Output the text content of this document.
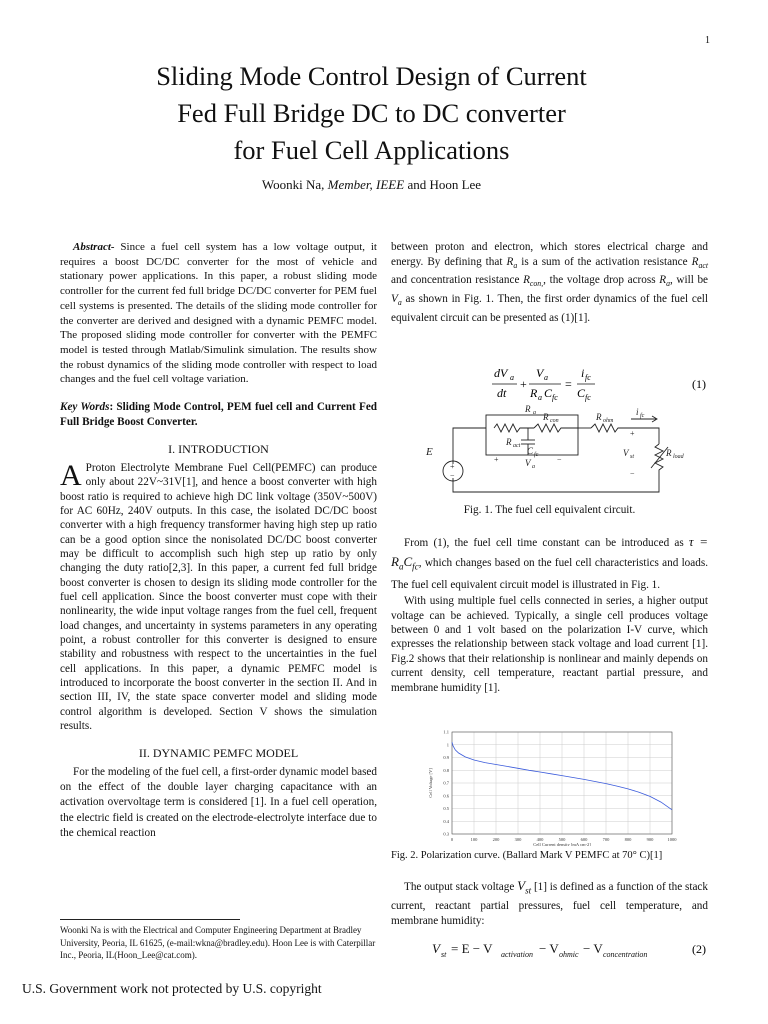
1
Sliding Mode Control Design of Current
Fed Full Bridge DC to DC converter
for Fuel Cell Applications
Woonki Na, Member, IEEE and Hoon Lee

Abstract- Since a fuel cell system has a low voltage output, it requires a boost DC/DC converter for the most of vehicle and stationary power applications. In this paper, a robust sliding mode controller for the current fed full bridge DC/DC converter for PEM fuel cell systems is presented. The details of the sliding mode controller for the converter are derived and designed with a dynamic PEMFC model. The proposed sliding mode controller for converter with the PEMFC model is tested through Matlab/Simulink simulation. The results show the robust dynamics of the sliding mode controller with respect to load changes and the fuel cell voltage variation.

Key Words: Sliding Mode Control, PEM fuel cell and Current Fed Full Bridge Boost Converter.

I. INTRODUCTION

A Proton Electrolyte Membrane Fuel Cell(PEMFC) can produce only about 22V~31V[1], and hence a boost converter with high boost ratio is required to achieve high DC link voltage (350V~500V) for AC 60Hz, 240V outputs. In this case, the isolated DC/DC boost converter with a high frequency transformer having high step up ratio can be a good option since the nonisolated DC/DC boost converter may be difficult to accomplish such high step up ratio by only changing the duty ratio[2,3]. In this paper, a current fed full bridge boost converter is chosen to design its sliding mode controller for the fuel cell application. Since the boost converter must cope with their nonlinearity, the wide input voltage ranges from the fuel cell, frequent load changes, and uncertainty in systems parameters in any operating point, a robust controller for this converter is designed to ensure stability and robustness with respect to the uncertainties in the fuel cell applications. In this paper, a dynamic PEMFC model is introduced to incorporate the boost converter in the section II. And in section III, IV, the state space converter model and sliding mode control algorithm is developed. Section V shows the simulation results.

II. DYNAMIC PEMFC MODEL

For the modeling of the fuel cell, a first-order dynamic model based on the effect of the double layer charging capacitance with an activation overvoltage term is considered [1]. In a fuel cell operation, the electric field is created on the electrode-electrolyte interface due to the chemical reaction

Woonki Na is with the Electrical and Computer Engineering Department at Bradley University, Peoria, IL 61625, (e-mail:wkna@bradley.edu). Hoon Lee is with Caterpillar Inc., Peoria, IL(Hoon_Lee@cat.com).
U.S. Government work not protected by U.S. copyright
between proton and electron, which stores electrical charge and energy. By defining that $R_a$ is a sum of the activation resistance $R_{act}$ and concentration resistance $R_{con,}$, the voltage drop across $R_a$, will be $V_a$ as shown in Fig. 1. Then, the first order dynamics of the fuel cell equivalent circuit can be presented as (1)[1].
dV a
dt
+
V a
R a C fc
=
i fc
C fc
(1)
R a
R act
R con	R ohm
R load
i fc
C fc
V a
V st
E
+
−
+	−
+
−
Fig. 1. The fuel cell equivalent circuit.

From (1), the fuel cell time constant can be introduced as $\tau = R_aC_{fc}$, which changes based on the fuel cell characteristics and loads. The fuel cell equivalent circuit model is illustrated in Fig. 1.

With using multiple fuel cells connected in series, a higher output voltage can be achieved. Typically, a single cell produces voltage between 0 and 1 volt based on the polarization I-V curve, which expresses the relationship between stack voltage and load current [1]. Fig.2 shows that their relationship is nonlinear and mainly depends on current density, cell temperature, reactant partial pressure, and membrane humidity [1].

0	100	200	300	400	500	600	700	800	900	1000
0.3
0.4
0.5
0.6
0.7
0.8
0.9
1
1.1
Cell Current density [mA cm-2]
Cell Voltage [V]
Fig. 2. Polarization curve. (Ballard Mark V PEMFC at 70° C)[1]
The output stack voltage $V_{st}$ [1] is defined as a function of the stack current, reactant partial pressures, fuel cell temperature, and membrane humidity:
V st = E − V activation − V ohmic − V concentration	(2)
